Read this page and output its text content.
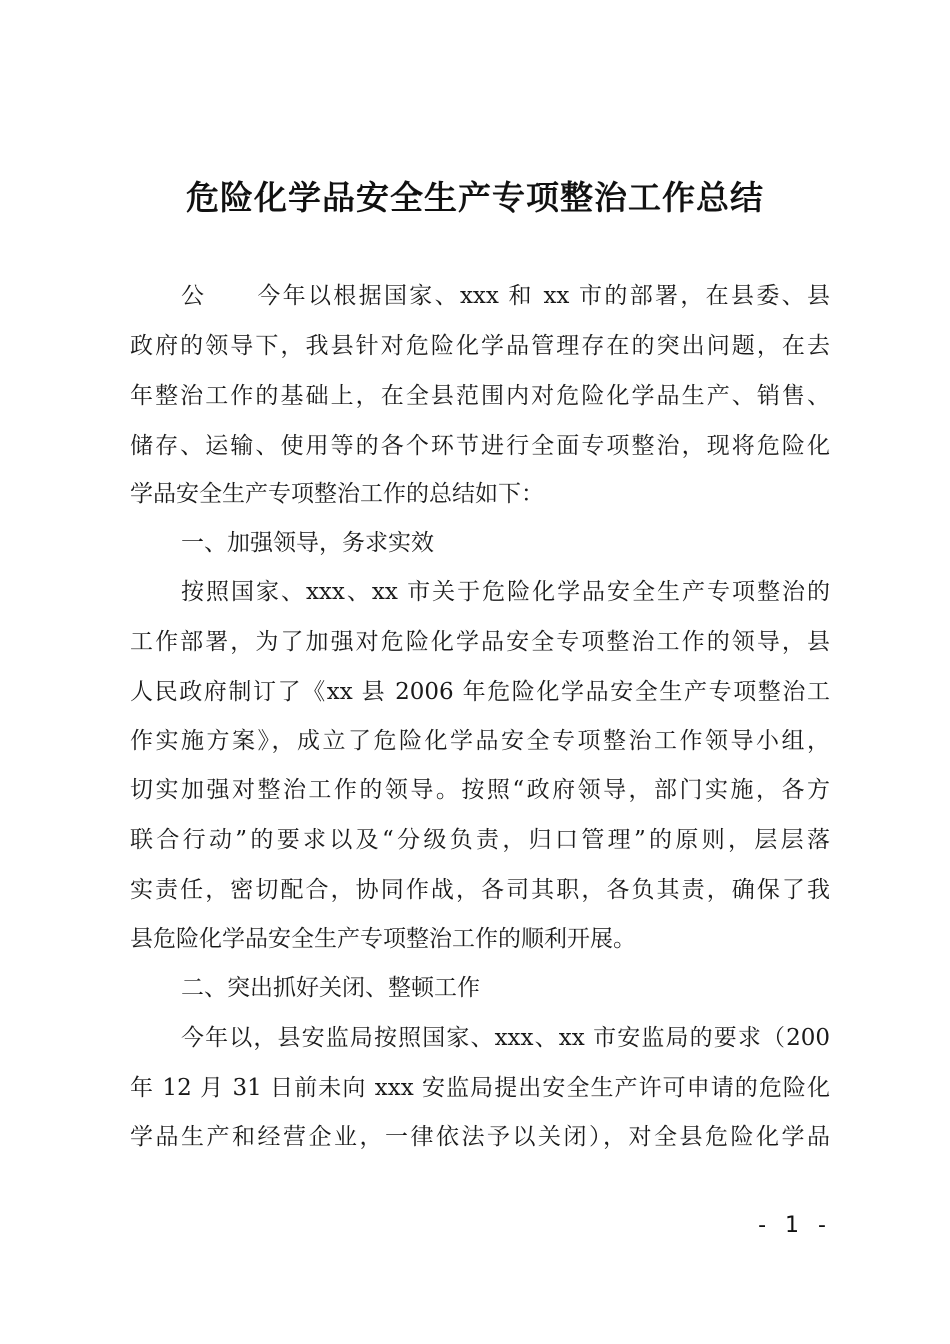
危险化学品安全生产专项整治工作总结

公 今年以根据国家、xxx 和 xx 市的部署，在县委、县

政府的领导下，我县针对危险化学品管理存在的突出问题，在去

年整治工作的基础上，在全县范围内对危险化学品生产、销售、

储存、运输、使用等的各个环节进行全面专项整治，现将危险化

学品安全生产专项整治工作的总结如下：

一、加强领导，务求实效

按照国家、xxx、xx 市关于危险化学品安全生产专项整治的

工作部署，为了加强对危险化学品安全专项整治工作的领导，县

人民政府制订了《xx 县 2006 年危险化学品安全生产专项整治工

作实施方案》，成立了危险化学品安全专项整治工作领导小组，

切实加强对整治工作的领导。按照“政府领导，部门实施，各方

联合行动”的要求以及“分级负责，归口管理”的原则，层层落

实责任，密切配合，协同作战，各司其职，各负其责，确保了我

县危险化学品安全生产专项整治工作的顺利开展。

二、突出抓好关闭、整顿工作

今年以，县安监局按照国家、xxx、xx 市安监局的要求（200

年 12 月 31 日前未向 xxx 安监局提出安全生产许可申请的危险化

学品生产和经营企业，一律依法予以关闭），对全县危险化学品

- 1 -
